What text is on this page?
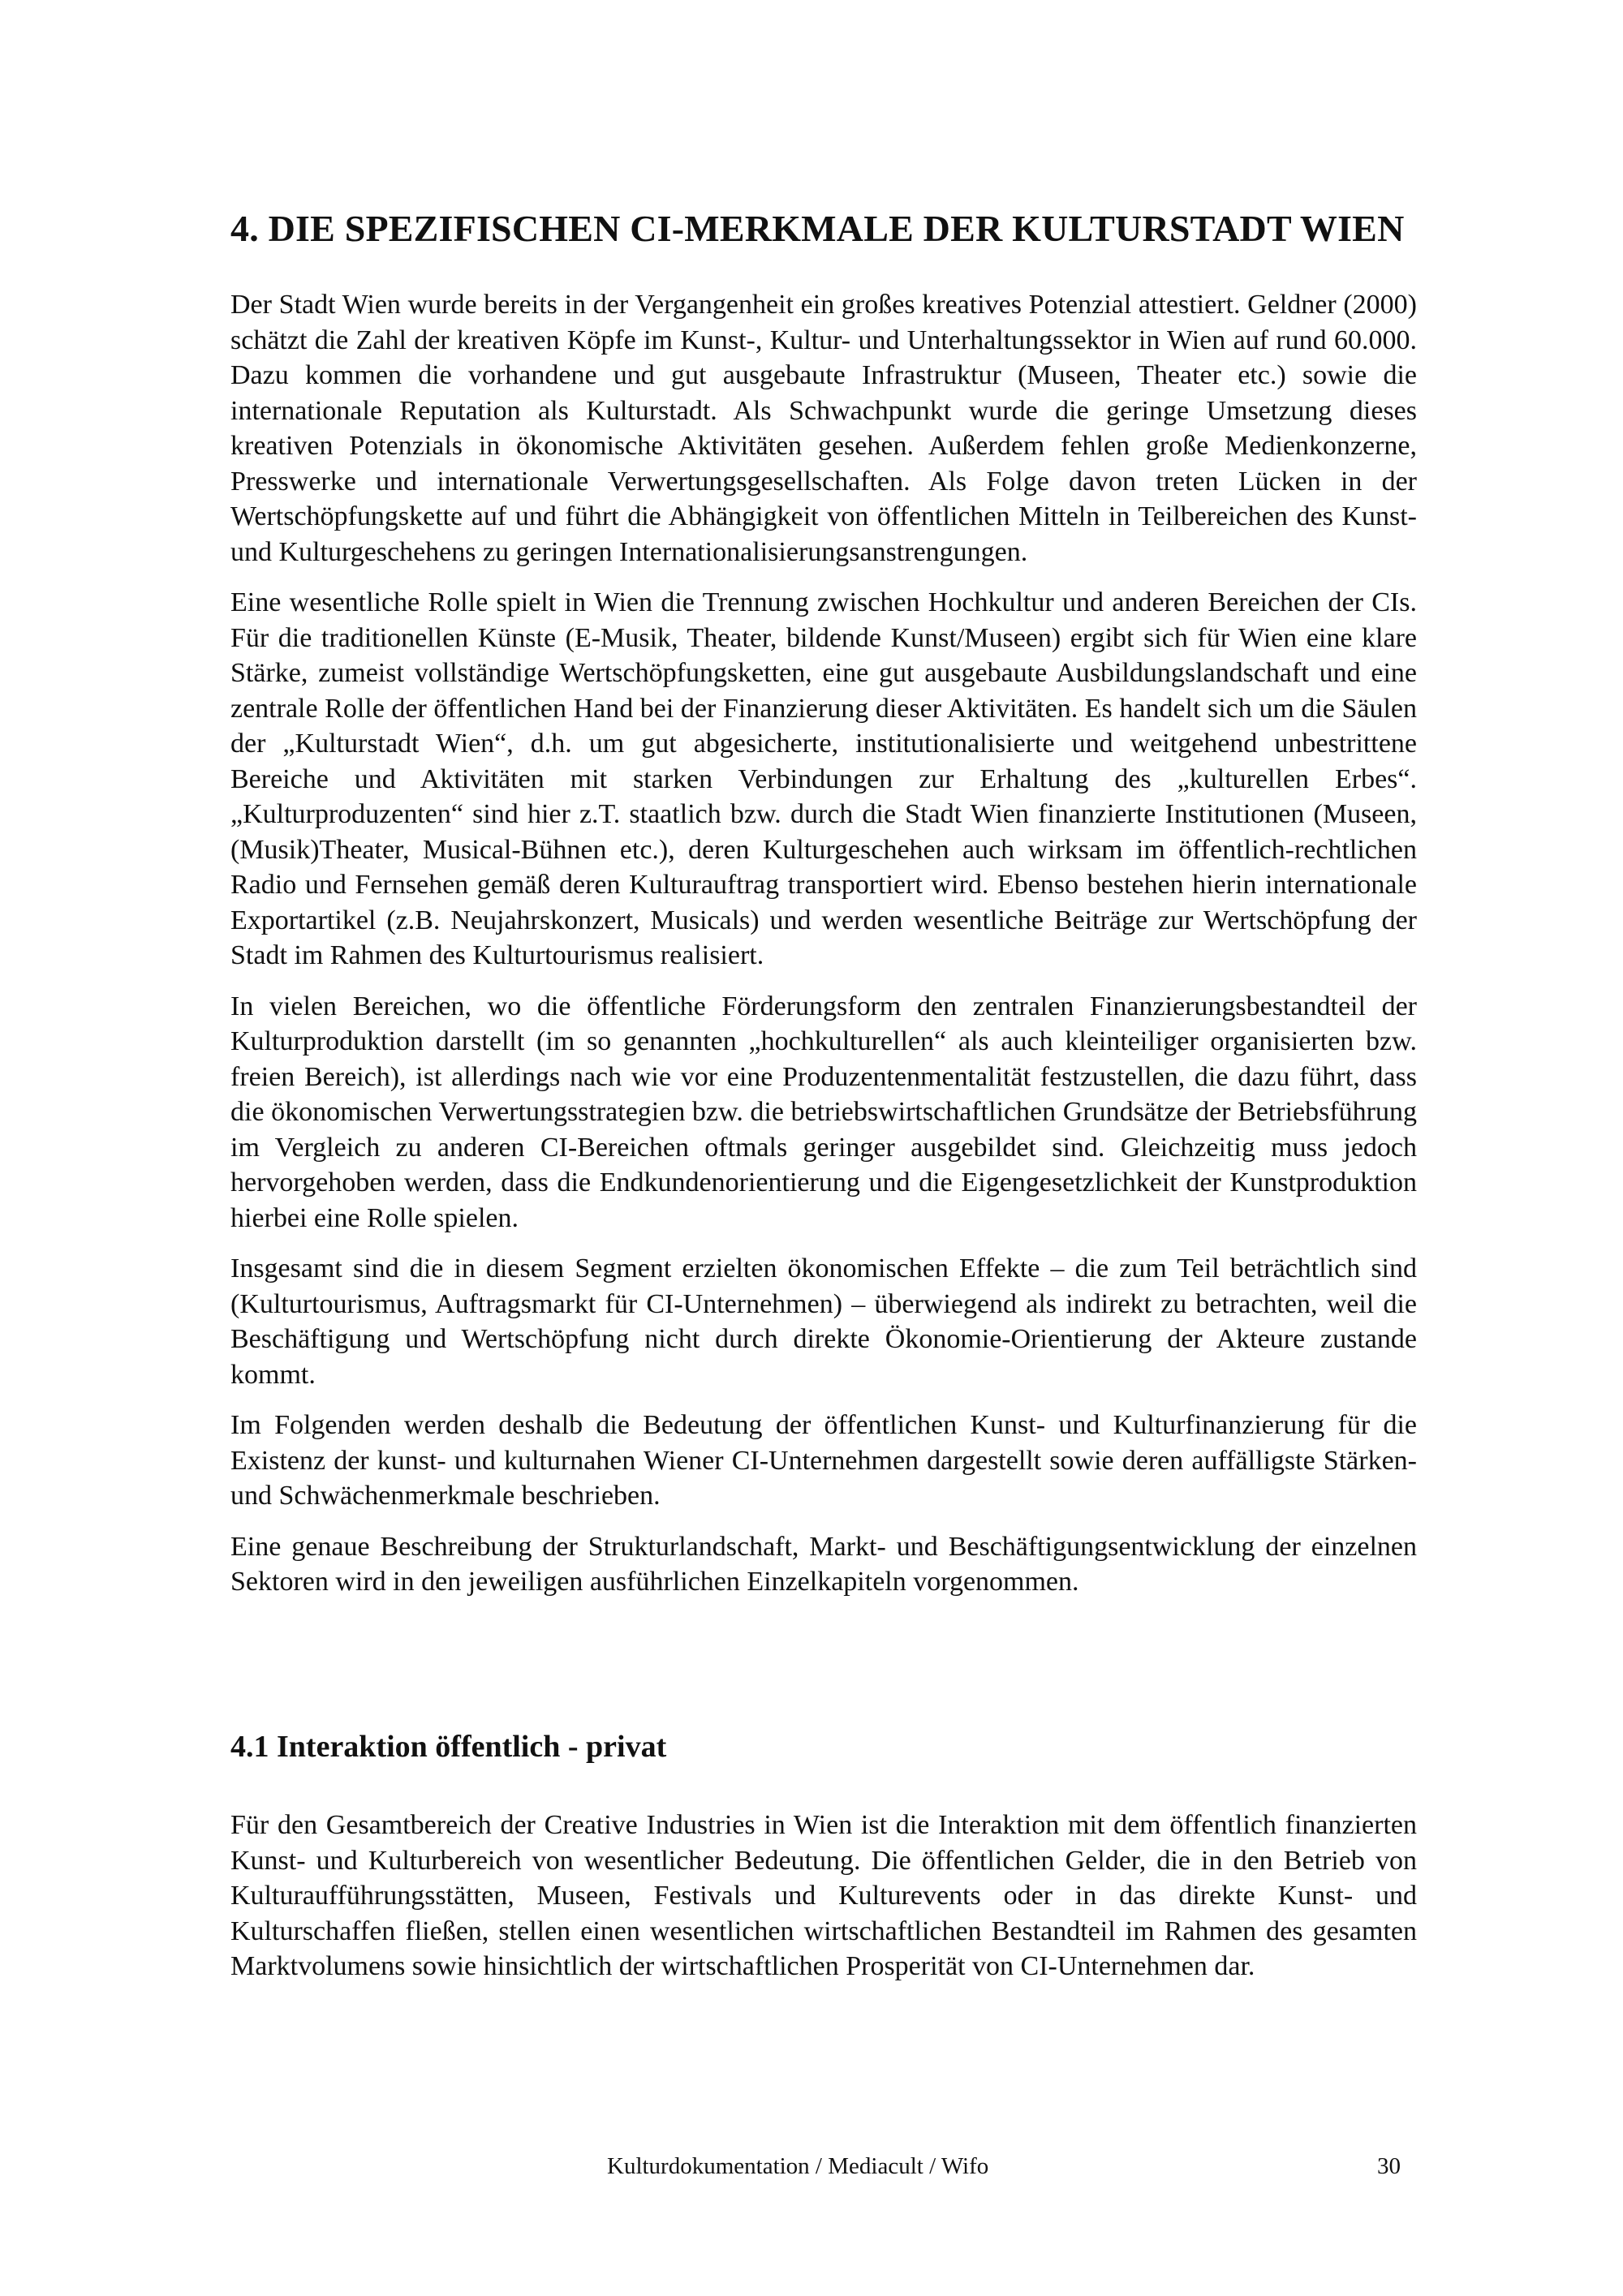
4. DIE SPEZIFISCHEN CI-MERKMALE DER KULTURSTADT WIEN

Der Stadt Wien wurde bereits in der Vergangenheit ein großes kreatives Potenzial attestiert. Geldner (2000) schätzt die Zahl der kreativen Köpfe im Kunst-, Kultur- und Unterhaltungssektor in Wien auf rund 60.000. Dazu kommen die vorhandene und gut ausgebaute Infrastruktur (Museen, Theater etc.) sowie die internationale Reputation als Kulturstadt. Als Schwachpunkt wurde die geringe Umsetzung dieses kreativen Potenzials in ökonomische Aktivitäten gesehen. Außerdem fehlen große Medienkonzerne, Presswerke und internationale Verwertungsgesellschaften. Als Folge davon treten Lücken in der Wertschöpfungskette auf und führt die Abhängigkeit von öffentlichen Mitteln in Teilbereichen des Kunst- und Kulturgeschehens zu geringen Internationalisierungsanstrengungen.

Eine wesentliche Rolle spielt in Wien die Trennung zwischen Hochkultur und anderen Bereichen der CIs. Für die traditionellen Künste (E-Musik, Theater, bildende Kunst/Museen) ergibt sich für Wien eine klare Stärke, zumeist vollständige Wertschöpfungsketten, eine gut ausgebaute Ausbildungslandschaft und eine zentrale Rolle der öffentlichen Hand bei der Finanzierung dieser Aktivitäten. Es handelt sich um die Säulen der „Kulturstadt Wien“, d.h. um gut abgesicherte, institutionalisierte und weitgehend unbestrittene Bereiche und Aktivitäten mit starken Verbindungen zur Erhaltung des „kulturellen Erbes“. „Kulturproduzenten“ sind hier z.T. staatlich bzw. durch die Stadt Wien finanzierte Institutionen (Museen, (Musik)Theater, Musical-Bühnen etc.), deren Kulturgeschehen auch wirksam im öffentlich-rechtlichen Radio und Fernsehen gemäß deren Kulturauftrag transportiert wird. Ebenso bestehen hierin internationale Exportartikel (z.B. Neujahrskonzert, Musicals) und werden wesentliche Beiträge zur Wertschöpfung der Stadt im Rahmen des Kulturtourismus realisiert.

In vielen Bereichen, wo die öffentliche Förderungsform den zentralen Finanzierungsbestandteil der Kulturproduktion darstellt (im so genannten „hochkulturellen“ als auch kleinteiliger organisierten bzw. freien Bereich), ist allerdings nach wie vor eine Produzentenmentalität festzustellen, die dazu führt, dass die ökonomischen Verwertungsstrategien bzw. die betriebswirtschaftlichen Grundsätze der Betriebsführung im Vergleich zu anderen CI-Bereichen oftmals geringer ausgebildet sind. Gleichzeitig muss jedoch hervorgehoben werden, dass die Endkundenorientierung und die Eigengesetzlichkeit der Kunstproduktion hierbei eine Rolle spielen.

Insgesamt sind die in diesem Segment erzielten ökonomischen Effekte – die zum Teil beträchtlich sind (Kulturtourismus, Auftragsmarkt für CI-Unternehmen) – überwiegend als indirekt zu betrachten, weil die Beschäftigung und Wertschöpfung nicht durch direkte Ökonomie-Orientierung der Akteure zustande kommt.

Im Folgenden werden deshalb die Bedeutung der öffentlichen Kunst- und Kulturfinanzierung für die Existenz der kunst- und kulturnahen Wiener CI-Unternehmen dargestellt sowie deren auffälligste Stärken- und Schwächenmerkmale beschrieben.

Eine genaue Beschreibung der Strukturlandschaft, Markt- und Beschäftigungsentwicklung der einzelnen Sektoren wird in den jeweiligen ausführlichen Einzelkapiteln vorgenommen.

4.1 Interaktion öffentlich - privat

Für den Gesamtbereich der Creative Industries in Wien ist die Interaktion mit dem öffentlich finanzierten Kunst- und Kulturbereich von wesentlicher Bedeutung. Die öffentlichen Gelder, die in den Betrieb von Kulturaufführungsstätten, Museen, Festivals und Kulturevents oder in das direkte Kunst- und Kulturschaffen fließen, stellen einen wesentlichen wirtschaftlichen Bestandteil im Rahmen des gesamten Marktvolumens sowie hinsichtlich der wirtschaftlichen Prosperität von CI-Unternehmen dar.

Kulturdokumentation / Mediacult / Wifo	30
